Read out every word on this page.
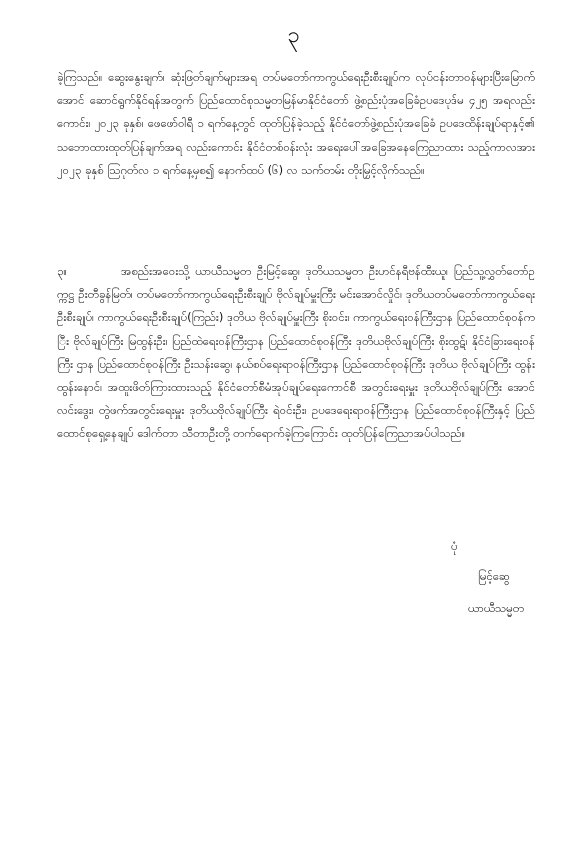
၃

ခဲ့ကြသည်။ ဆွေးနွေးချက်၊ ဆုံးဖြတ်ချက်များအရ တပ်မတော်ကာကွယ်ရေးဦးစီးချုပ်က လုပ်ငန်းတာဝန်များပြီးမြောက်အောင် ဆောင်ရွက်နိုင်ရန်အတွက် ပြည်ထောင်စုသမ္မတမြန်မာနိုင်ငံတော် ဖွဲ့စည်းပုံအခြေခံဥပဒေပုဒ်မ ၄၂၅ အရလည်းကောင်း၊ ၂၀၂၃ ခုနှစ်၊ ဖေဖော်ဝါရီ ၁ ရက်နေ့တွင် ထုတ်ပြန်ခဲ့သည့် နိုင်ငံတော်ဖွဲ့စည်းပုံအခြေခံ ဥပဒေထိန်းချုပ်ရာနှင့်၏ သဘောထားထုတ်ပြန်ချက်အရ လည်းကောင်း နိုင်ငံတစ်ဝန်းလုံး အရေးပေါ်အခြေအနေကြေညာထား သည့်ကာလအား ၂၀၂၃ ခုနှစ် ဩဂုတ်လ ၁ ရက်နေ့မှစ၍ နောက်ထပ် (၆) လ သက်တမ်း တိုးမြှင့်လိုက်သည်။

၃။	အစည်းအဝေးသို့ ယာယီသမ္မတ ဦးမြင့်ဆွေ၊ ဒုတိယသမ္မတ ဦးဟင်နရီဗန်ထီးယူ၊ ပြည်သူ့လွှတ်တော်ဥက္ကဋ္ဌ ဦးတီခွန်မြတ်၊ တပ်မတော်ကာကွယ်ရေးဦးစီးချုပ် ဗိုလ်ချုပ်မှူးကြီး မင်းအောင်လှိုင်၊ ဒုတိယတပ်မတော်ကာကွယ်ရေးဦးစီးချုပ်၊ ကာကွယ်ရေးဦးစီးချုပ်(ကြည်း) ဒုတိယ ဗိုလ်ချုပ်မှူးကြီး စိုးဝင်း၊ ကာကွယ်ရေးဝန်ကြီးဌာန ပြည်ထောင်စုဝန်ကြီး ဗိုလ်ချုပ်ကြီး မြထွန်းဦး၊ ပြည်ထဲရေးဝန်ကြီးဌာန ပြည်ထောင်စုဝန်ကြီး ဒုတိယဗိုလ်ချုပ်ကြီး စိုးထွဋ်၊ နိုင်ငံခြားရေးဝန်ကြီး ဌာန ပြည်ထောင်စုဝန်ကြီး ဦးသန်းဆွေ၊ နယ်စပ်ရေးရာဝန်ကြီးဌာန ပြည်ထောင်စုဝန်ကြီး ဒုတိယ ဗိုလ်ချုပ်ကြီး ထွန်းထွန်းနောင်၊ အထူးဖိတ်ကြားထားသည့် နိုင်ငံတော်စီမံအုပ်ချုပ်ရေးကောင်စီ အတွင်းရေးမှူး ဒုတိယဗိုလ်ချုပ်ကြီး အောင်လင်းဒွေး၊ တွဲဖက်အတွင်းရေးမှူး ဒုတိယဗိုလ်ချုပ်ကြီး ရဲဝင်းဦး၊ ဥပဒေရေးရာဝန်ကြီးဌာန ပြည်ထောင်စုဝန်ကြီးနှင့် ပြည်ထောင်စုရှေ့နေချုပ် ဒေါက်တာ သီတာဦးတို့ တက်ရောက်ခဲ့ကြကြောင်း ထုတ်ပြန်ကြေညာအပ်ပါသည်။

ပုံ
မြင့်ဆွေ
ယာယီသမ္မတ
